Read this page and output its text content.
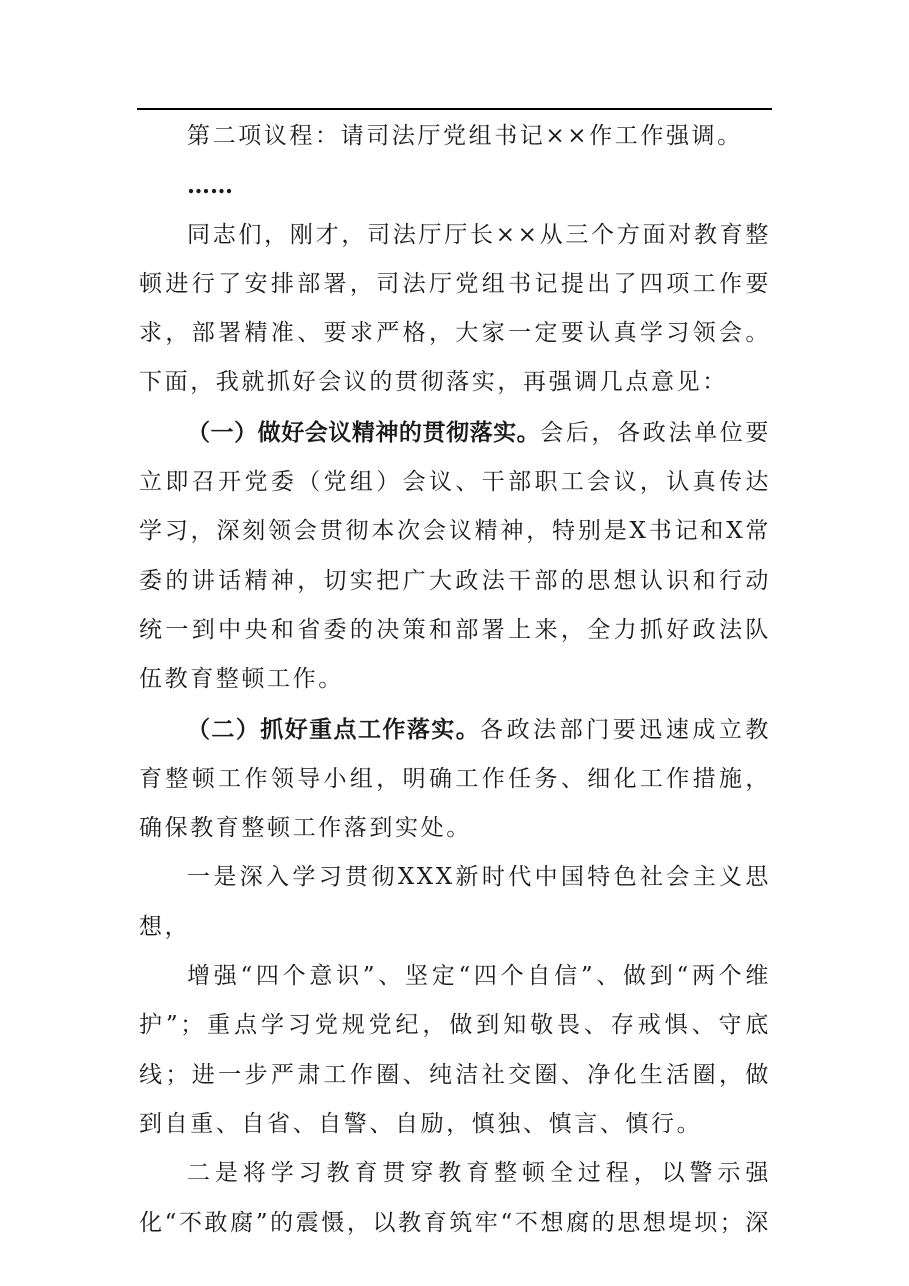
第二项议程：请司法厅党组书记××作工作强调。

……

同志们，刚才，司法厅厅长××从三个方面对教育整顿进行了安排部署，司法厅党组书记提出了四项工作要求，部署精准、要求严格，大家一定要认真学习领会。下面，我就抓好会议的贯彻落实，再强调几点意见：

（一）做好会议精神的贯彻落实。会后，各政法单位要立即召开党委（党组）会议、干部职工会议，认真传达学习，深刻领会贯彻本次会议精神，特别是X书记和X常委的讲话精神，切实把广大政法干部的思想认识和行动统一到中央和省委的决策和部署上来，全力抓好政法队伍教育整顿工作。

（二）抓好重点工作落实。各政法部门要迅速成立教育整顿工作领导小组，明确工作任务、细化工作措施，确保教育整顿工作落到实处。

一是深入学习贯彻XXX新时代中国特色社会主义思想，

增强“四个意识”、坚定“四个自信”、做到“两个维护”；重点学习党规党纪，做到知敬畏、存戒惧、守底线；进一步严肃工作圈、纯洁社交圈、净化生活圈，做到自重、自省、自警、自励，慎独、慎言、慎行。

二是将学习教育贯穿教育整顿全过程，以警示强化“不敢腐”的震慑，以教育筑牢“不想腐的思想堤坝；深
